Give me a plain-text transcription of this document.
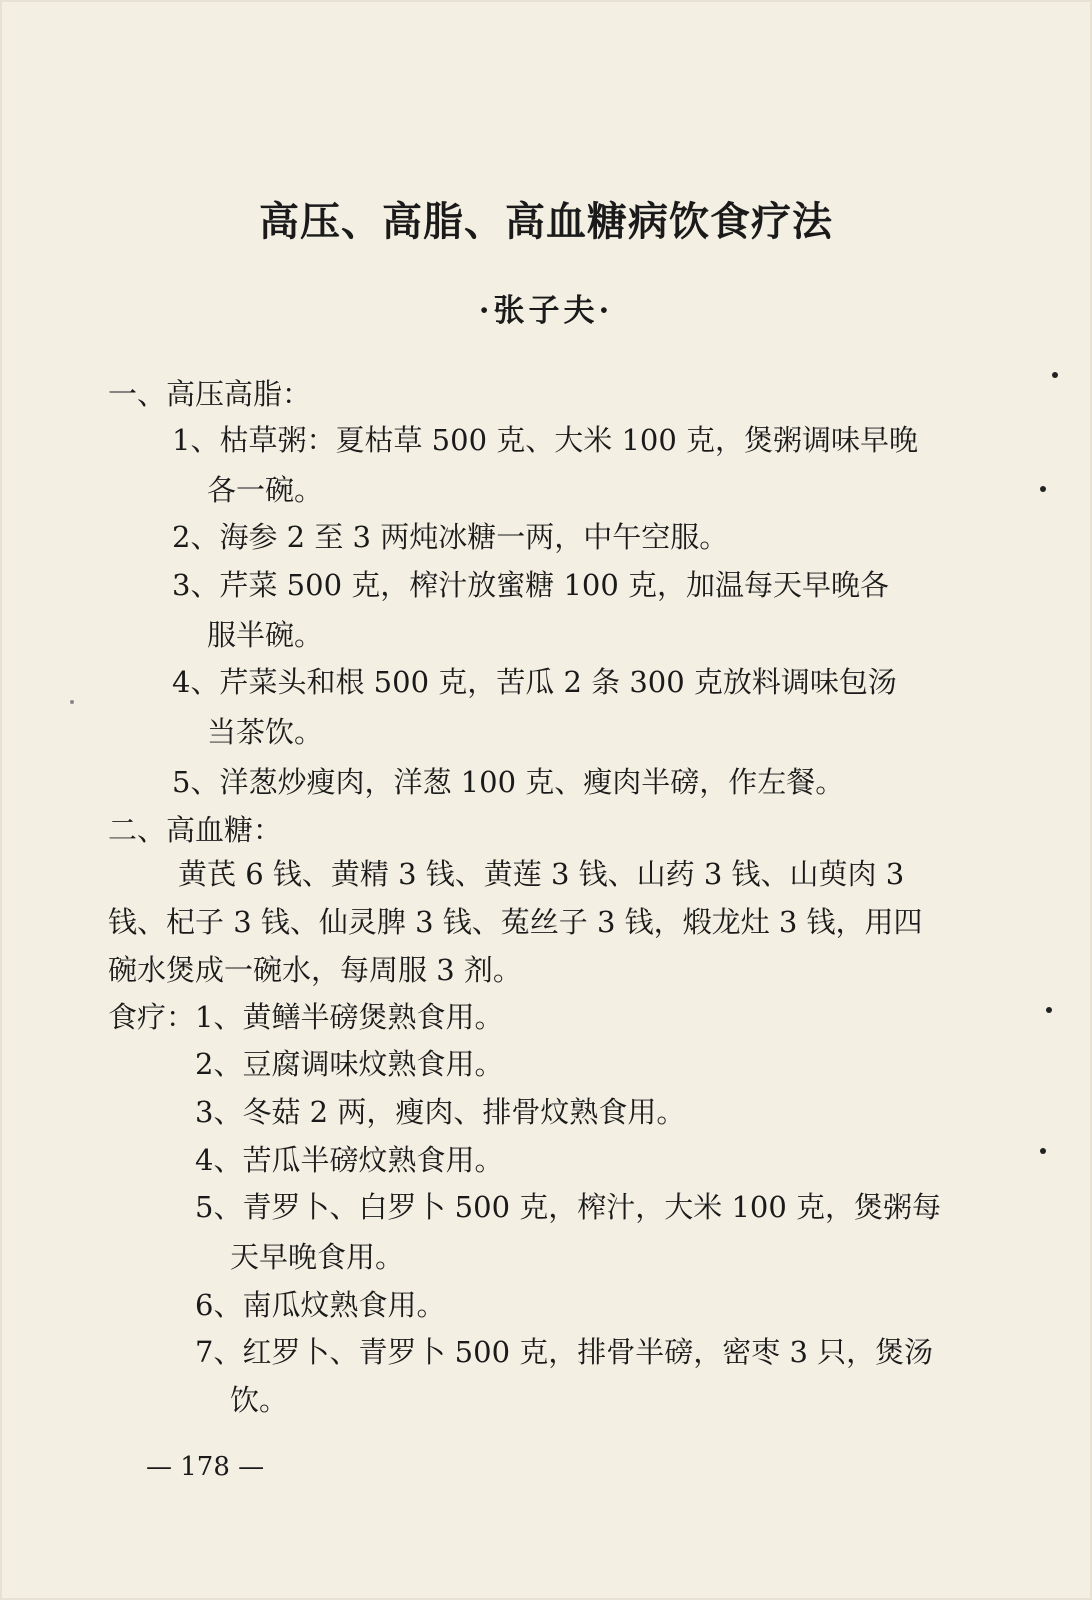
高压、高脂、高血糖病饮食疗法
·张子夫·
一、高压高脂：
1、枯草粥：夏枯草 500 克、大米 100 克，煲粥调味早晚
各一碗。
2、海参 2 至 3 两炖冰糖一两，中午空服。
3、芹菜 500 克，榨汁放蜜糖 100 克，加温每天早晚各
服半碗。
4、芹菜头和根 500 克，苦瓜 2 条 300 克放料调味包汤
当茶饮。
5、洋葱炒瘦肉，洋葱 100 克、瘦肉半磅，作左餐。
二、高血糖：
黄芪 6 钱、黄精 3 钱、黄莲 3 钱、山药 3 钱、山萸肉 3
钱、杞子 3 钱、仙灵脾 3 钱、菟丝子 3 钱，煅龙灶 3 钱，用四
碗水煲成一碗水，每周服 3 剂。
食疗： 1、黄鳝半磅煲熟食用。
2、豆腐调味炆熟食用。
3、冬菇 2 两，瘦肉、排骨炆熟食用。
4、苦瓜半磅炆熟食用。
5、青罗卜、白罗卜 500 克，榨汁，大米 100 克，煲粥每
天早晚食用。
6、南瓜炆熟食用。
7、红罗卜、青罗卜 500 克，排骨半磅，密枣 3 只，煲汤
饮。
— 178 —
